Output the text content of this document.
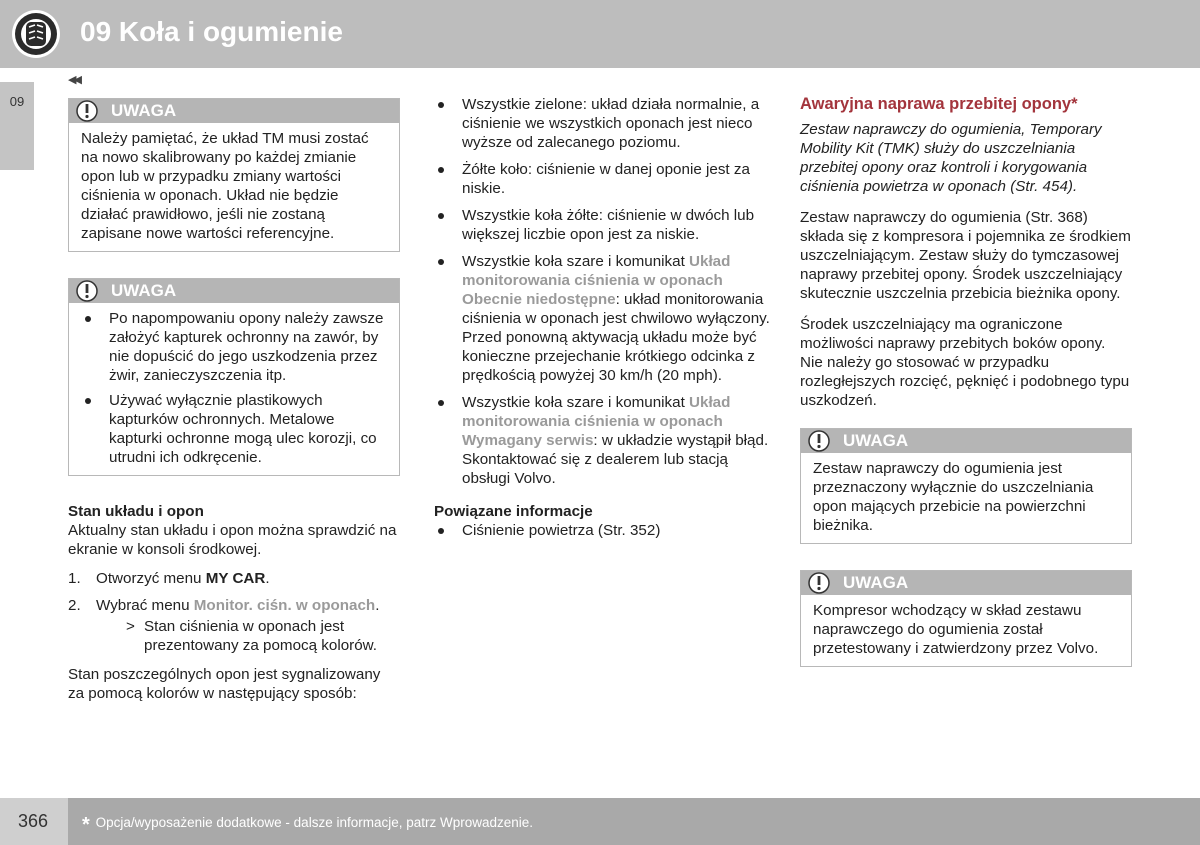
09 Koła i ogumienie
09
◀◀
UWAGA
Należy pamiętać, że układ TM musi zostać na nowo skalibrowany po każdej zmianie opon lub w przypadku zmiany wartości ciśnienia w oponach. Układ nie będzie działać prawidłowo, jeśli nie zostaną zapisane nowe wartości referencyjne.
UWAGA
Po napompowaniu opony należy zawsze założyć kapturek ochronny na zawór, by nie dopuścić do jego uszkodzenia przez żwir, zanieczyszczenia itp.
Używać wyłącznie plastikowych kapturków ochronnych. Metalowe kapturki ochronne mogą ulec korozji, co utrudni ich odkręcenie.
Stan układu i opon

Aktualny stan układu i opon można sprawdzić na ekranie w konsoli środkowej.

1. Otworzyć menu MY CAR.
2. Wybrać menu Monitor. ciśn. w oponach.
> Stan ciśnienia w oponach jest prezentowany za pomocą kolorów.

Stan poszczególnych opon jest sygnalizowany za pomocą kolorów w następujący sposób:

Wszystkie zielone: układ działa normalnie, a ciśnienie we wszystkich oponach jest nieco wyższe od zalecanego poziomu.
Żółte koło: ciśnienie w danej oponie jest za niskie.
Wszystkie koła żółte: ciśnienie w dwóch lub większej liczbie opon jest za niskie.
Wszystkie koła szare i komunikat Układ monitorowania ciśnienia w oponach Obecnie niedostępne: układ monitorowania ciśnienia w oponach jest chwilowo wyłączony. Przed ponowną aktywacją układu może być konieczne przejechanie krótkiego odcinka z prędkością powyżej 30 km/h (20 mph).
Wszystkie koła szare i komunikat Układ monitorowania ciśnienia w oponach Wymagany serwis: w układzie wystąpił błąd. Skontaktować się z dealerem lub stacją obsługi Volvo.
Powiązane informacje
Ciśnienie powietrza (Str. 352)
Awaryjna naprawa przebitej opony*

Zestaw naprawczy do ogumienia, Temporary Mobility Kit (TMK) służy do uszczelniania przebitej opony oraz kontroli i korygowania ciśnienia powietrza w oponach (Str. 454).

Zestaw naprawczy do ogumienia (Str. 368) składa się z kompresora i pojemnika ze środkiem uszczelniającym. Zestaw służy do tymczasowej naprawy przebitej opony. Środek uszczelniający skutecznie uszczelnia przebicia bieżnika opony.

Środek uszczelniający ma ograniczone możliwości naprawy przebitych boków opony. Nie należy go stosować w przypadku rozległejszych rozcięć, pęknięć i podobnego typu uszkodzeń.

UWAGA
Zestaw naprawczy do ogumienia jest przeznaczony wyłącznie do uszczelniania opon mających przebicie na powierzchni bieżnika.
UWAGA
Kompresor wchodzący w skład zestawu naprawczego do ogumienia został przetestowany i zatwierdzony przez Volvo.
366 * Opcja/wyposażenie dodatkowe - dalsze informacje, patrz Wprowadzenie.
